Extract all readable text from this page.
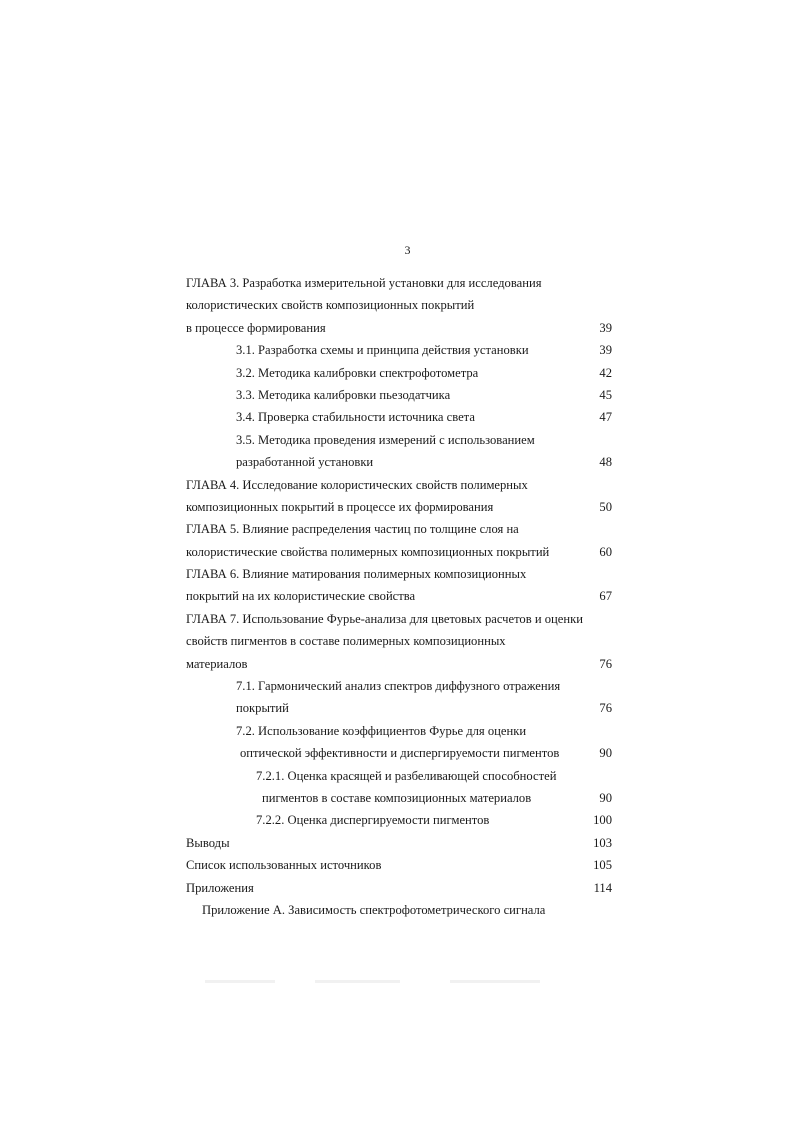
3
ГЛАВА 3. Разработка измерительной установки для исследования
колористических свойств композиционных покрытий
в процессе формирования	39
3.1. Разработка схемы и принципа действия установки	39
3.2. Методика калибровки спектрофотометра	42
3.3. Методика калибровки пьезодатчика	45
3.4. Проверка стабильности источника света	47
3.5. Методика проведения измерений с использованием
разработанной установки	48
ГЛАВА 4. Исследование колористических свойств полимерных
композиционных покрытий в процессе их формирования	50
ГЛАВА 5. Влияние распределения частиц по толщине слоя на
колористические свойства полимерных композиционных покрытий	60
ГЛАВА 6. Влияние матирования полимерных композиционных
покрытий на их колористические свойства	67
ГЛАВА 7. Использование Фурье-анализа для цветовых расчетов и оценки
свойств пигментов в составе полимерных композиционных
материалов	76
7.1. Гармонический анализ спектров диффузного отражения
покрытий	76
7.2. Использование коэффициентов Фурье для оценки
оптической эффективности и диспергируемости пигментов	90
7.2.1. Оценка красящей и разбеливающей способностей
пигментов в составе композиционных материалов	90
7.2.2. Оценка диспергируемости пигментов	100
Выводы	103
Список использованных источников	105
Приложения	114
Приложение А. Зависимость спектрофотометрического сигнала
